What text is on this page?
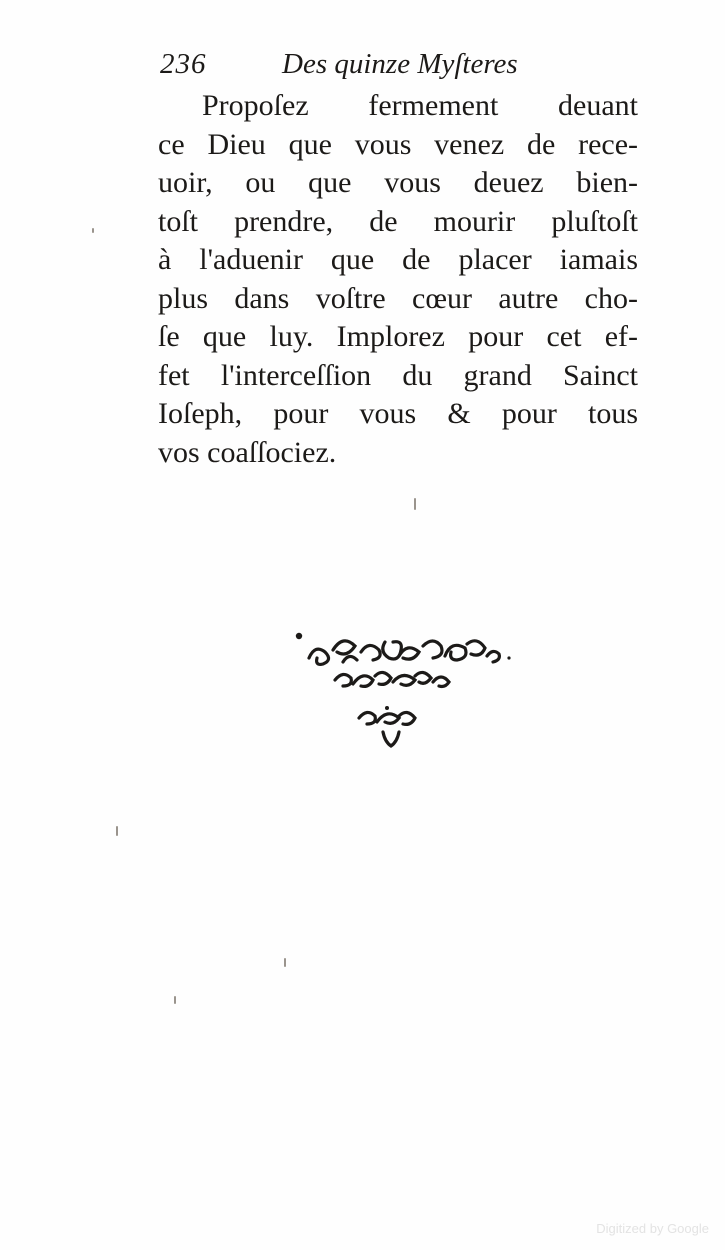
236	Des quinze Myſteres
Propoſez fermement deuant
ce Dieu que vous venez de rece-
uoir, ou que vous deuez bien-
toſt prendre, de mourir pluſtoſt
à l'aduenir que de placer iamais
plus dans voſtre cœur autre cho-
ſe que luy. Implorez pour cet ef-
fet l'interceſſion du grand Sainct
Ioſeph, pour vous & pour tous
vos coaſſociez.
Digitized by Google
